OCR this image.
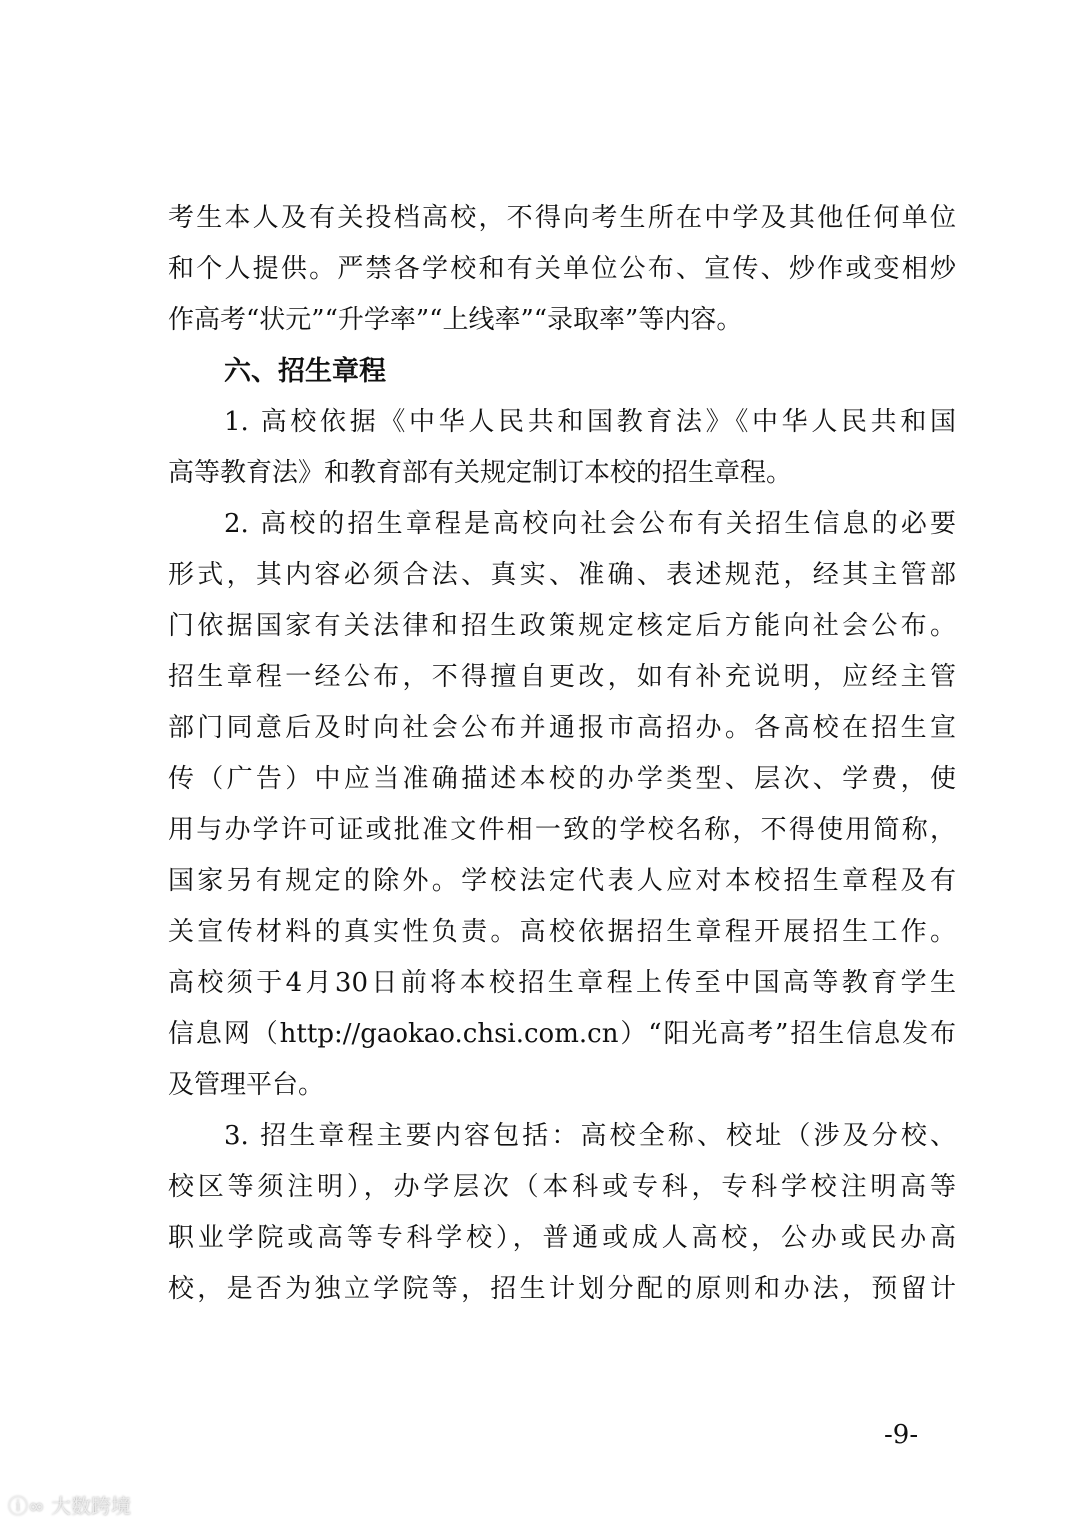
考生本人及有关投档高校，不得向考生所在中学及其他任何单位
和个人提供。严禁各学校和有关单位公布、宣传、炒作或变相炒
作高考“状元”“升学率”“上线率”“录取率”等内容。
六、招生章程
1. 高校依据《中华人民共和国教育法》《中华人民共和国
高等教育法》和教育部有关规定制订本校的招生章程。
2. 高校的招生章程是高校向社会公布有关招生信息的必要
形式，其内容必须合法、真实、准确、表述规范，经其主管部
门依据国家有关法律和招生政策规定核定后方能向社会公布。
招生章程一经公布，不得擅自更改，如有补充说明，应经主管
部门同意后及时向社会公布并通报市高招办。各高校在招生宣
传（广告）中应当准确描述本校的办学类型、层次、学费，使
用与办学许可证或批准文件相一致的学校名称，不得使用简称，
国家另有规定的除外。学校法定代表人应对本校招生章程及有
关宣传材料的真实性负责。高校依据招生章程开展招生工作。
高校须于4月30日前将本校招生章程上传至中国高等教育学生
信息网（http://gaokao.chsi.com.cn）“阳光高考”招生信息发布
及管理平台。
3. 招生章程主要内容包括：高校全称、校址（涉及分校、
校区等须注明），办学层次（本科或专科，专科学校注明高等
职业学院或高等专科学校），普通或成人高校，公办或民办高
校，是否为独立学院等，招生计划分配的原则和办法，预留计
-9-
ⓘ∞ 大数跨境
